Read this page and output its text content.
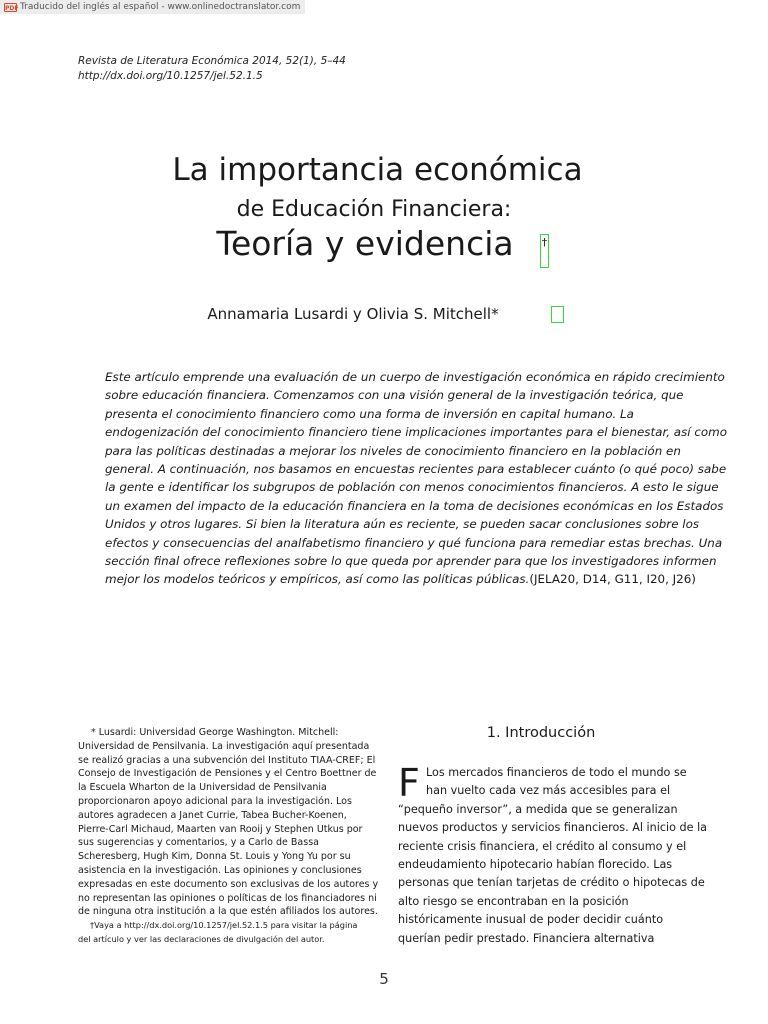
PDF Traducido del inglés al español - www.onlinedoctranslator.com
Revista de Literatura Económica 2014, 52(1), 5–44
http://dx.doi.org/10.1257/jel.52.1.5
La importancia económica
de Educación Financiera:
Teoría y evidencia	†
Annamaria Lusardi y Olivia S. Mitchell*
Este artículo emprende una evaluación de un cuerpo de investigación económica en rápido crecimiento
sobre educación financiera. Comenzamos con una visión general de la investigación teórica, que
presenta el conocimiento financiero como una forma de inversión en capital humano. La
endogenización del conocimiento financiero tiene implicaciones importantes para el bienestar, así como
para las políticas destinadas a mejorar los niveles de conocimiento financiero en la población en
general. A continuación, nos basamos en encuestas recientes para establecer cuánto (o qué poco) sabe
la gente e identificar los subgrupos de población con menos conocimientos financieros. A esto le sigue
un examen del impacto de la educación financiera en la toma de decisiones económicas en los Estados
Unidos y otros lugares. Si bien la literatura aún es reciente, se pueden sacar conclusiones sobre los
efectos y consecuencias del analfabetismo financiero y qué funciona para remediar estas brechas. Una
sección final ofrece reflexiones sobre lo que queda por aprender para que los investigadores informen
mejor los modelos teóricos y empíricos, así como las políticas públicas.(JELA20, D14, G11, I20, J26)
* Lusardi: Universidad George Washington. Mitchell:
Universidad de Pensilvania. La investigación aquí presentada
se realizó gracias a una subvención del Instituto TIAA-CREF; El
Consejo de Investigación de Pensiones y el Centro Boettner de
la Escuela Wharton de la Universidad de Pensilvania
proporcionaron apoyo adicional para la investigación. Los
autores agradecen a Janet Currie, Tabea Bucher-Koenen,
Pierre-Carl Michaud, Maarten van Rooij y Stephen Utkus por
sus sugerencias y comentarios, y a Carlo de Bassa
Scheresberg, Hugh Kim, Donna St. Louis y Yong Yu por su
asistencia en la investigación. Las opiniones y conclusiones
expresadas en este documento son exclusivas de los autores y
no representan las opiniones o políticas de los financiadores ni
de ninguna otra institución a la que estén afiliados los autores.
†Vaya a http://dx.doi.org/10.1257/jel.52.1.5 para visitar la página
del artículo y ver las declaraciones de divulgación del autor.
1. Introducción
F Los mercados financieros de todo el mundo se
han vuelto cada vez más accesibles para el
“pequeño inversor”, a medida que se generalizan
nuevos productos y servicios financieros. Al inicio de la
reciente crisis financiera, el crédito al consumo y el
endeudamiento hipotecario habían florecido. Las
personas que tenían tarjetas de crédito o hipotecas de
alto riesgo se encontraban en la posición
históricamente inusual de poder decidir cuánto
querían pedir prestado. Financiera alternativa
5
